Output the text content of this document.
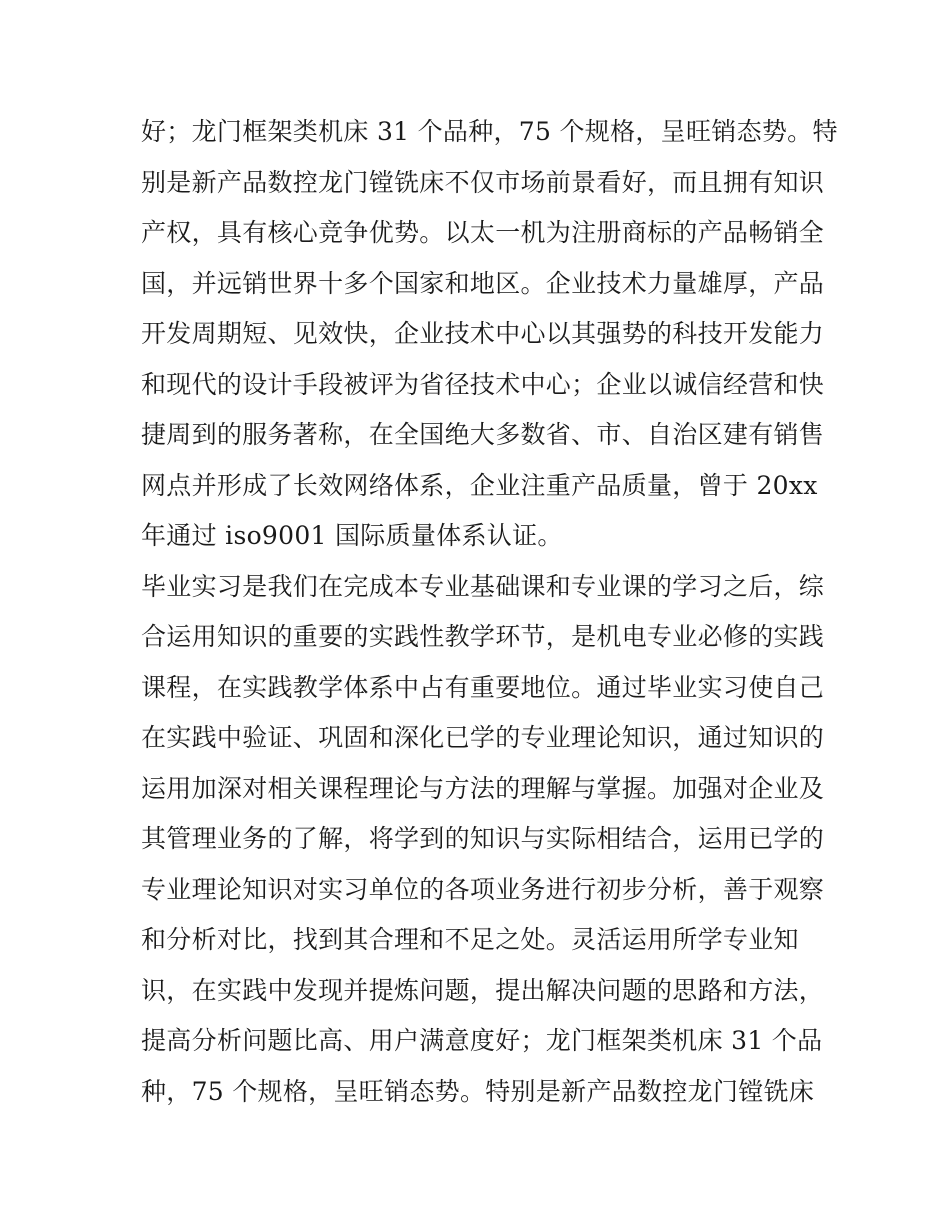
好；龙门框架类机床 31 个品种，75 个规格，呈旺销态势。特
别是新产品数控龙门镗铣床不仅市场前景看好，而且拥有知识
产权，具有核心竞争优势。以太一机为注册商标的产品畅销全
国，并远销世界十多个国家和地区。企业技术力量雄厚，产品
开发周期短、见效快，企业技术中心以其强势的科技开发能力
和现代的设计手段被评为省径技术中心；企业以诚信经营和快
捷周到的服务著称，在全国绝大多数省、市、自治区建有销售
网点并形成了长效网络体系，企业注重产品质量，曾于 20xx
年通过 iso9001 国际质量体系认证。
毕业实习是我们在完成本专业基础课和专业课的学习之后，综
合运用知识的重要的实践性教学环节，是机电专业必修的实践
课程，在实践教学体系中占有重要地位。通过毕业实习使自己
在实践中验证、巩固和深化已学的专业理论知识，通过知识的
运用加深对相关课程理论与方法的理解与掌握。加强对企业及
其管理业务的了解，将学到的知识与实际相结合，运用已学的
专业理论知识对实习单位的各项业务进行初步分析，善于观察
和分析对比，找到其合理和不足之处。灵活运用所学专业知
识，在实践中发现并提炼问题，提出解决问题的思路和方法，
提高分析问题比高、用户满意度好；龙门框架类机床 31 个品
种，75 个规格，呈旺销态势。特别是新产品数控龙门镗铣床
